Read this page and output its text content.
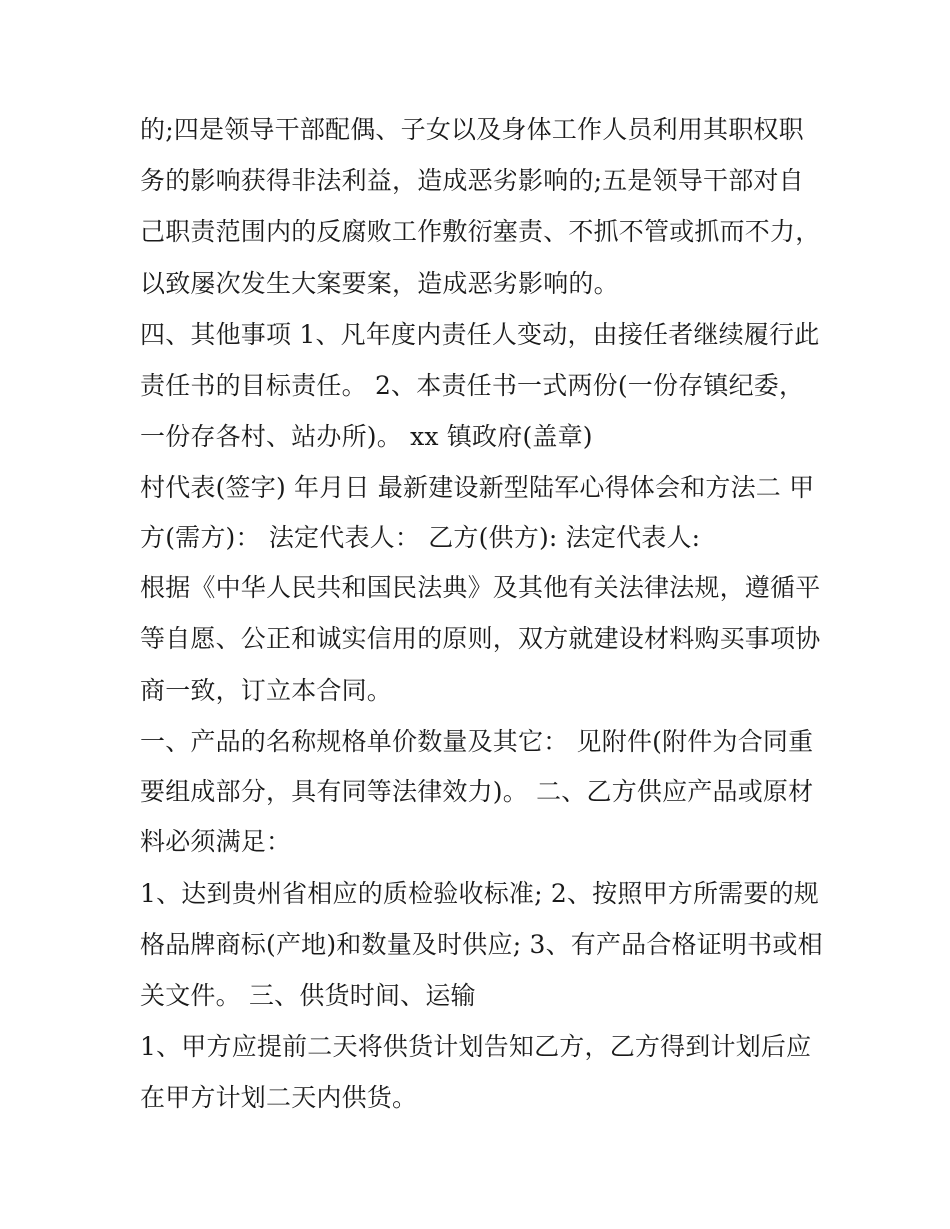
的;四是领导干部配偶、子女以及身体工作人员利用其职权职
务的影响获得非法利益，造成恶劣影响的;五是领导干部对自
己职责范围内的反腐败工作敷衍塞责、不抓不管或抓而不力，
以致屡次发生大案要案，造成恶劣影响的。
四、其他事项 1、凡年度内责任人变动，由接任者继续履行此
责任书的目标责任。 2、本责任书一式两份(一份存镇纪委，
一份存各村、站办所)。 xx 镇政府(盖章)
村代表(签字) 年月日 最新建设新型陆军心得体会和方法二 甲
方(需方)： 法定代表人： 乙方(供方): 法定代表人:
根据《中华人民共和国民法典》及其他有关法律法规，遵循平
等自愿、公正和诚实信用的原则，双方就建设材料购买事项协
商一致，订立本合同。
一、产品的名称规格单价数量及其它： 见附件(附件为合同重
要组成部分，具有同等法律效力)。 二、乙方供应产品或原材
料必须满足：
1、达到贵州省相应的质检验收标准; 2、按照甲方所需要的规
格品牌商标(产地)和数量及时供应; 3、有产品合格证明书或相
关文件。 三、供货时间、运输
1、甲方应提前二天将供货计划告知乙方，乙方得到计划后应
在甲方计划二天内供货。
